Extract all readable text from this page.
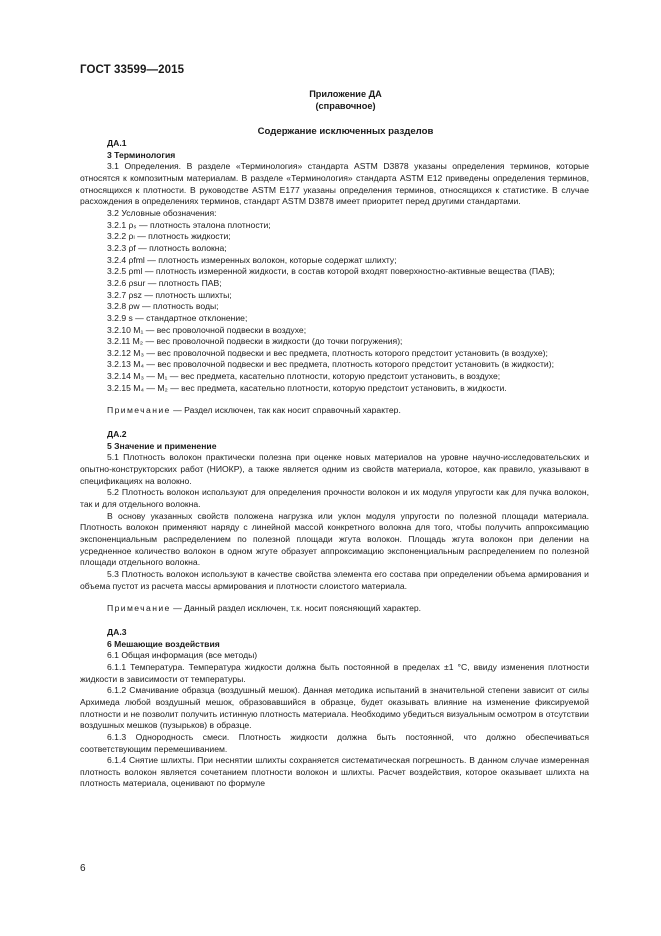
ГОСТ 33599—2015
Приложение ДА
(справочное)
Содержание исключенных разделов
ДА.1
3 Терминология
3.1 Определения. В разделе «Терминология» стандарта ASTM D3878 указаны определения терминов, которые относятся к композитным материалам. В разделе «Терминология» стандарта ASTM E12 приведены определения терминов, относящихся к плотности. В руководстве ASTM E177 указаны определения терминов, относящихся к статистике. В случае расхождения в определениях терминов, стандарт ASTM D3878 имеет приоритет перед другими стандартами.
3.2 Условные обозначения:
3.2.1 ρₛ — плотность эталона плотности;
3.2.2 ρₗ — плотность жидкости;
3.2.3 ρf — плотность волокна;
3.2.4 ρfml — плотность измеренных волокон, которые содержат шлихту;
3.2.5 ρml — плотность измеренной жидкости, в состав которой входят поверхностно-активные вещества (ПАВ);
3.2.6 ρsur — плотность ПАВ;
3.2.7 ρsz — плотность шлихты;
3.2.8 ρw — плотность воды;
3.2.9 s — стандартное отклонение;
3.2.10 M₁ — вес проволочной подвески в воздухе;
3.2.11 M₂ — вес проволочной подвески в жидкости (до точки погружения);
3.2.12 M₃ — вес проволочной подвески и вес предмета, плотность которого предстоит установить (в воздухе);
3.2.13 M₄ — вес проволочной подвески и вес предмета, плотность которого предстоит установить (в жидкости);
3.2.14 M₃ — M₁ — вес предмета, касательно плотности, которую предстоит установить, в воздухе;
3.2.15 M₄ — M₂ — вес предмета, касательно плотности, которую предстоит установить, в жидкости.
Примечание — Раздел исключен, так как носит справочный характер.
ДА.2
5 Значение и применение
5.1 Плотность волокон практически полезна при оценке новых материалов на уровне научно-исследовательских и опытно-конструкторских работ (НИОКР), а также является одним из свойств материала, которое, как правило, указывают в спецификациях на волокно.
5.2 Плотность волокон используют для определения прочности волокон и их модуля упругости как для пучка волокон, так и для отдельного волокна.
В основу указанных свойств положена нагрузка или уклон модуля упругости по полезной площади материала. Плотность волокон применяют наряду с линейной массой конкретного волокна для того, чтобы получить аппроксимацию экспоненциальным распределением по полезной площади жгута волокон. Площадь жгута волокон при делении на усредненное количество волокон в одном жгуте образует аппроксимацию экспоненциальным распределением по полезной площади отдельного волокна.
5.3 Плотность волокон используют в качестве свойства элемента его состава при определении объема армирования и объема пустот из расчета массы армирования и плотности слоистого материала.
Примечание — Данный раздел исключен, т.к. носит поясняющий характер.
ДА.3
6 Мешающие воздействия
6.1 Общая информация (все методы)
6.1.1 Температура. Температура жидкости должна быть постоянной в пределах ±1 °С, ввиду изменения плотности жидкости в зависимости от температуры.
6.1.2 Смачивание образца (воздушный мешок). Данная методика испытаний в значительной степени зависит от силы Архимеда любой воздушный мешок, образовавшийся в образце, будет оказывать влияние на изменение фиксируемой плотности и не позволит получить истинную плотность материала. Необходимо убедиться визуальным осмотром в отсутствии воздушных мешков (пузырьков) в образце.
6.1.3 Однородность смеси. Плотность жидкости должна быть постоянной, что должно обеспечиваться соответствующим перемешиванием.
6.1.4 Снятие шлихты. При неснятии шлихты сохраняется систематическая погрешность. В данном случае измеренная плотность волокон является сочетанием плотности волокон и шлихты. Расчет воздействия, которое оказывает шлихта на плотность материала, оценивают по формуле
6
